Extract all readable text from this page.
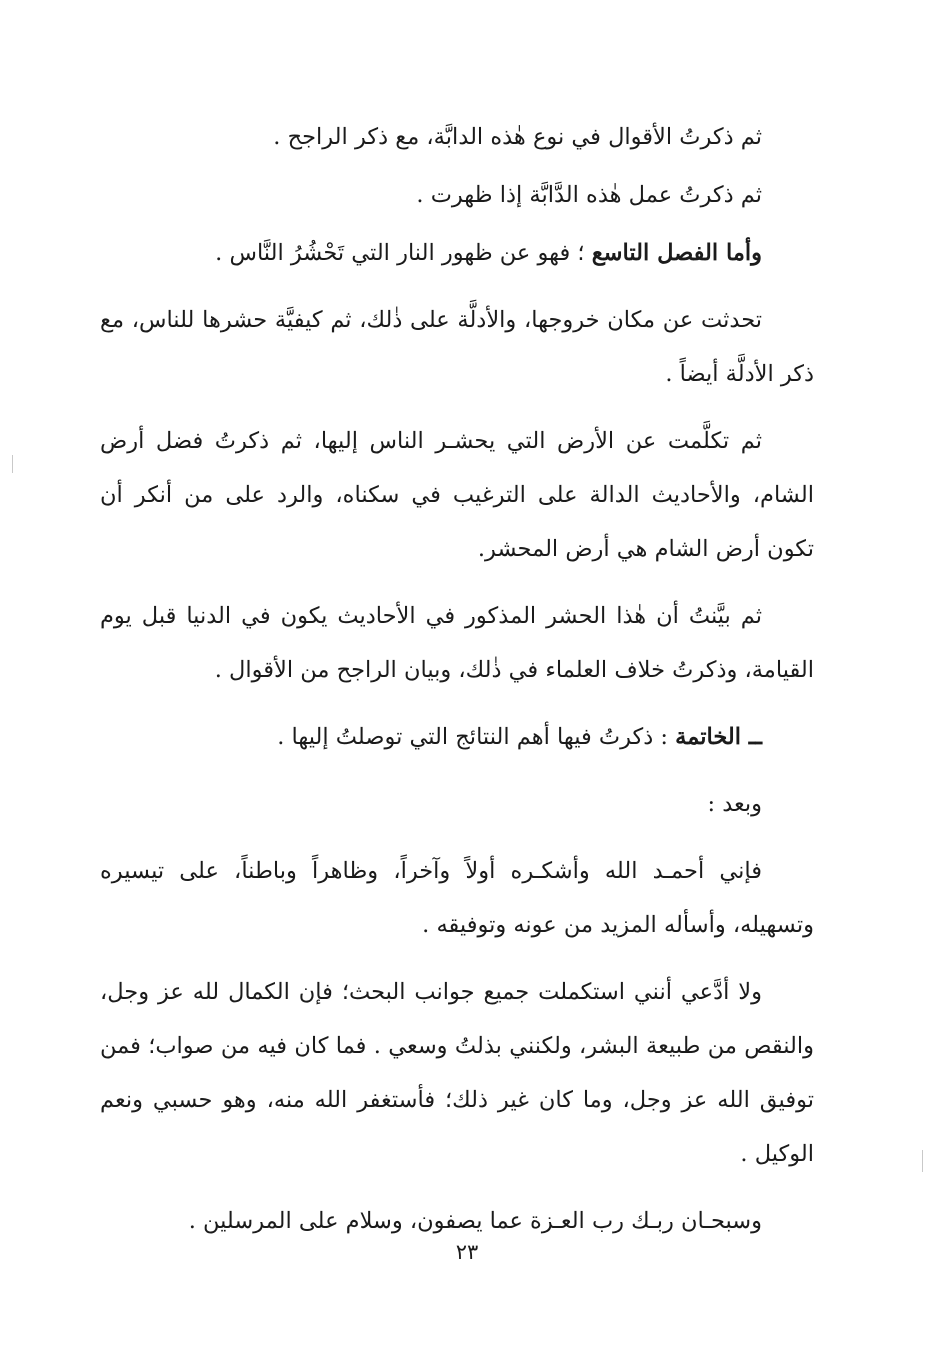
ثم ذكرتُ الأقوال في نوع هٰذه الدابَّة، مع ذكر الراجح .

ثم ذكرتُ عمل هٰذه الدَّابَّة إذا ظهرت .

وأما الفصل التاسع ؛ فهو عن ظهور النار التي تَحْشُرُ النَّاس .

تحدثت عن مكان خروجها، والأدلَّة على ذٰلك، ثم كيفيَّة حشرها للناس، مع ذكر الأدلَّة أيضاً .

ثم تكلَّمت عن الأرض التي يحشـر الناس إليها، ثم ذكرتُ فضل أرض الشام، والأحاديث الدالة على الترغيب في سكناه، والرد على من أنكر أن تكون أرض الشام هي أرض المحشر.

ثم بيَّنتُ أن هٰذا الحشر المذكور في الأحاديث يكون في الدنيا قبل يوم القيامة، وذكرتُ خلاف العلماء في ذٰلك، وبيان الراجح من الأقوال .

ــ الخاتمة : ذكرتُ فيها أهم النتائج التي توصلتُ إليها .

وبعد :

فإني أحمـد الله وأشكـره أولاً وآخراً، وظاهراً وباطناً، على تيسيره وتسهيله، وأسأله المزيد من عونه وتوفيقه .

ولا أدَّعي أنني استكملت جميع جوانب البحث؛ فإن الكمال لله عز وجل، والنقص من طبيعة البشر، ولكنني بذلتُ وسعي . فما كان فيه من صواب؛ فمن توفيق الله عز وجل، وما كان غير ذلك؛ فأستغفر الله منه، وهو حسبي ونعم الوكيل .

وسبحـان ربـك رب العـزة عما يصفون، وسلام على المرسلين .

٢٣
